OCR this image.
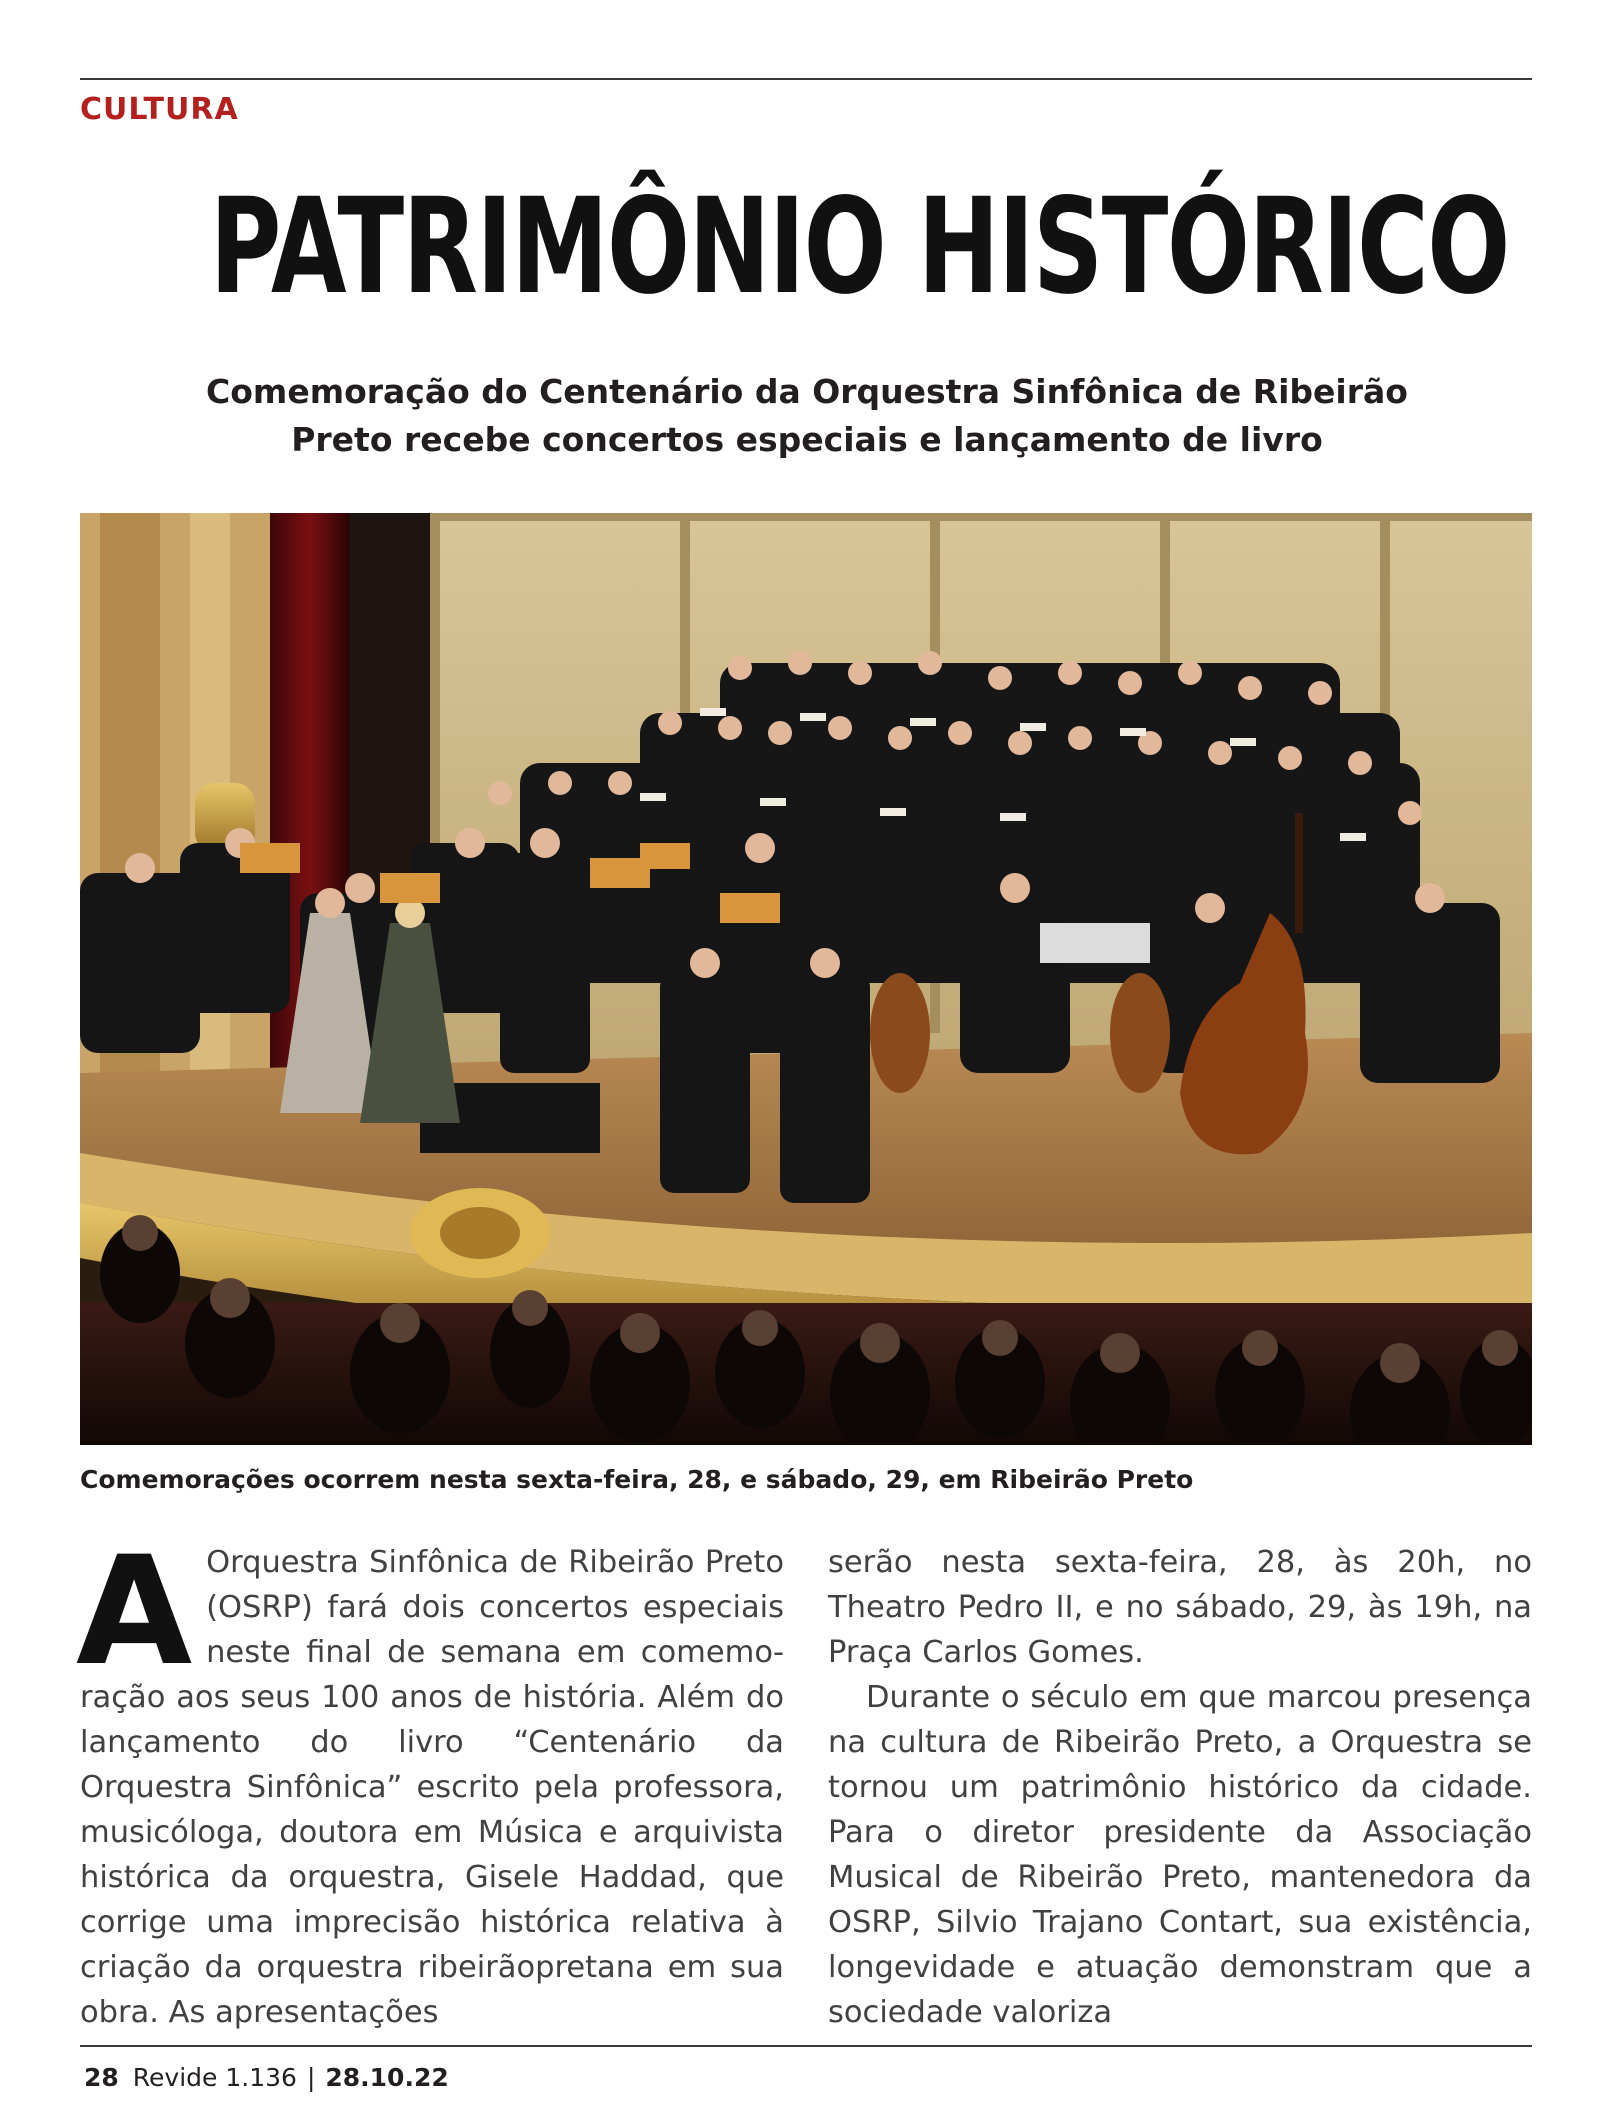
CULTURA
PATRIMÔNIO HISTÓRICO
Comemoração do Centenário da Orquestra Sinfônica de Ribeirão
Preto recebe concertos especiais e lançamento de livro
Comemorações ocorrem nesta sexta-feira, 28, e sábado, 29, em Ribeirão Preto

A Orquestra Sinfônica de Ribeirão Preto (OSRP) fará dois concertos especiais neste final de semana em comemoração aos seus 100 anos de história. Além do lançamento do livro “Centenário da Orquestra Sinfônica” escrito pela professora, musicóloga, doutora em Música e arquivista histórica da orquestra, Gisele Haddad, que corrige uma imprecisão histórica relativa à criação da orquestra ribeirãopretana em sua obra. As apresentações

serão nesta sexta-feira, 28, às 20h, no Theatro Pedro II, e no sábado, 29, às 19h, na Praça Carlos Gomes.

Durante o século em que marcou presença na cultura de Ribeirão Preto, a Orquestra se tornou um patrimônio histórico da cidade. Para o diretor presidente da Associação Musical de Ribeirão Preto, mantenedora da OSRP, Silvio Trajano Contart, sua existência, longevidade e atuação demonstram que a sociedade valoriza

28 Revide 1.136 | 28.10.22
